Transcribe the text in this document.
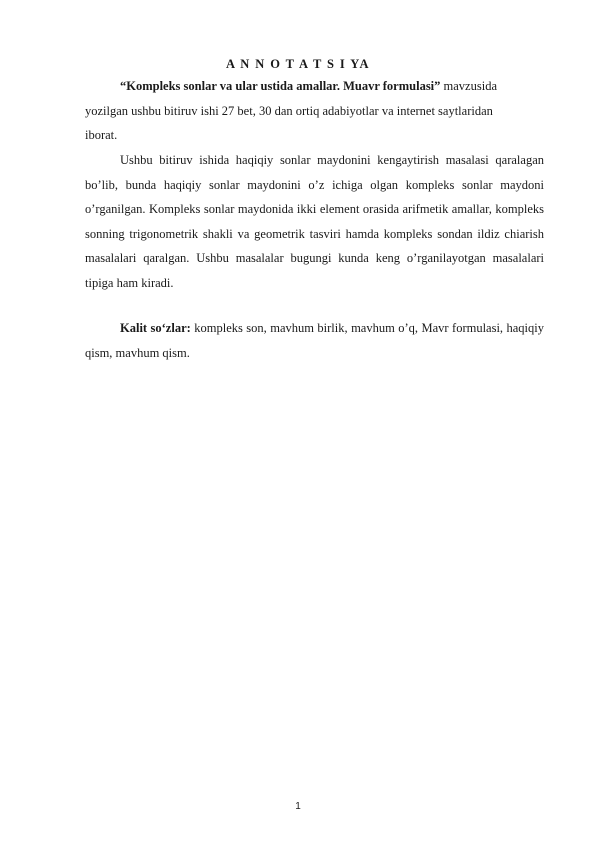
A N N O T A T S I YA

“Kompleks sonlar va ular ustida amallar. Muavr formulasi” mavzusida yozilgan ushbu bitiruv ishi 27 bet, 30 dan ortiq adabiyotlar va internet saytlaridan iborat.

Ushbu bitiruv ishida haqiqiy sonlar maydonini kengaytirish masalasi qaralagan bo’lib, bunda haqiqiy sonlar maydonini o’z ichiga olgan kompleks sonlar maydoni o’rganilgan. Kompleks sonlar maydonida ikki element orasida arifmetik amallar, kompleks sonning trigonometrik shakli va geometrik tasviri hamda kompleks sondan ildiz chiarish masalalari qaralgan. Ushbu masalalar bugungi kunda keng o’rganilayotgan masalalari tipiga ham kiradi.

Kalit so‘zlar: kompleks son, mavhum birlik, mavhum o’q, Mavr formulasi, haqiqiy qism, mavhum qism.

1
